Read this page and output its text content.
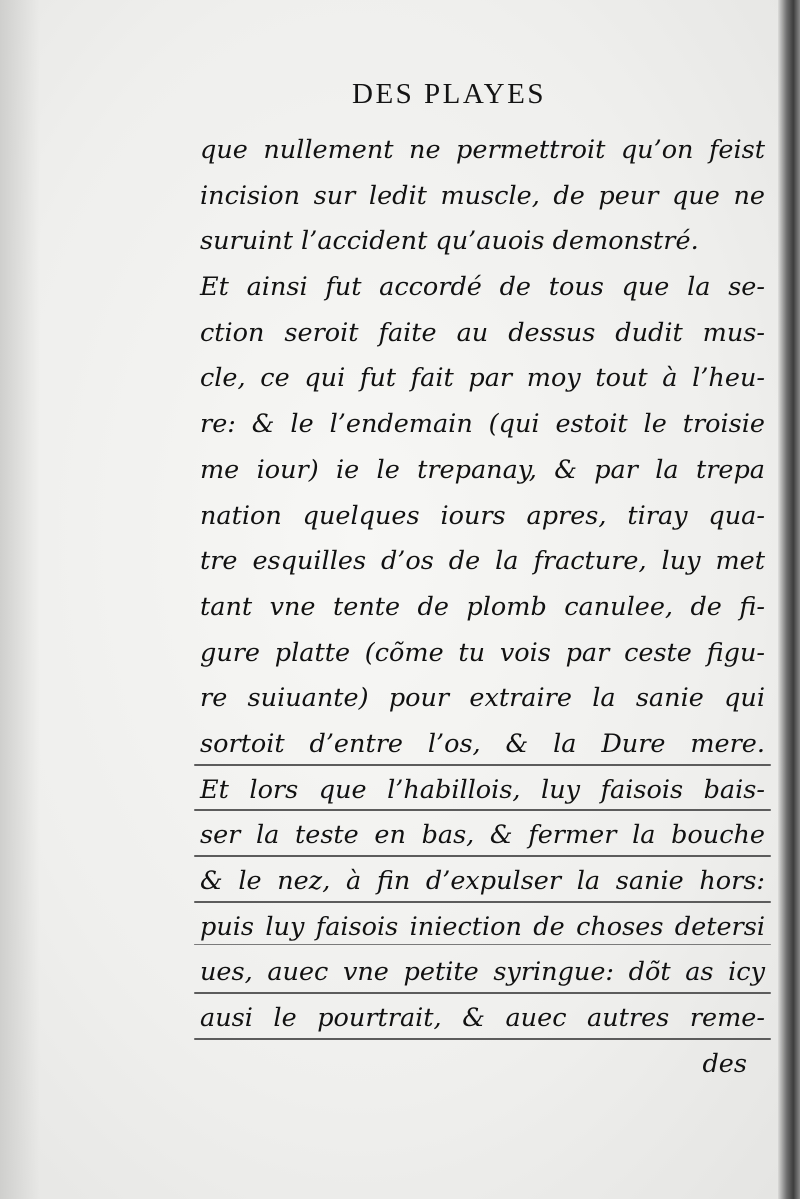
DES PLAYES
que nullement ne permettroit qu’on feist
incision sur ledit muscle, de peur que ne
suruint l’accident qu’auois demonstré.
Et ainsi fut accordé de tous que la se-
ction seroit faite au dessus dudit mus-
cle, ce qui fut fait par moy tout à l’heu-
re: & le l’endemain (qui estoit le troisie
me iour) ie le trepanay, & par la trepa
nation quelques iours apres, tiray qua-
tre esquilles d’os de la fracture, luy met
tant vne tente de plomb canulee, de fi-
gure platte (cõme tu vois par ceste figu-
re suiuante) pour extraire la sanie qui
sortoit d’entre l’os, & la Dure mere.
Et lors que l’habillois, luy faisois bais-
ser la teste en bas, & fermer la bouche
& le nez, à fin d’expulser la sanie hors:
puis luy faisois iniection de choses detersi
ues, auec vne petite syringue: dõt as icy
ausi le pourtrait, & auec autres reme-
des
